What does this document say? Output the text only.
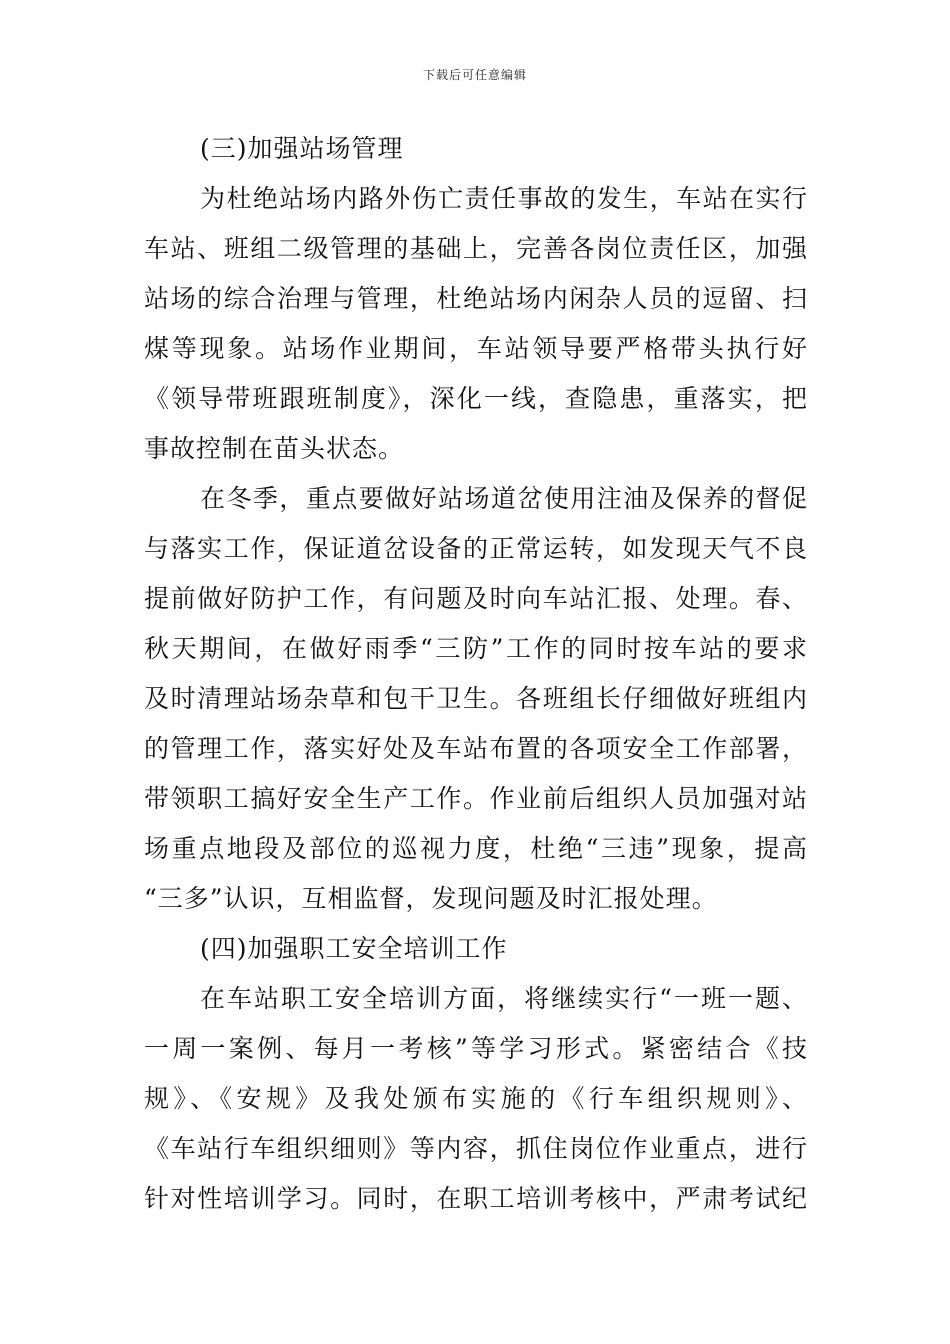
下载后可任意编辑
(三)加强站场管理
为杜绝站场内路外伤亡责任事故的发生，车站在实行
车站、班组二级管理的基础上，完善各岗位责任区，加强
站场的综合治理与管理，杜绝站场内闲杂人员的逗留、扫
煤等现象。站场作业期间，车站领导要严格带头执行好
《领导带班跟班制度》，深化一线，查隐患，重落实，把
事故控制在苗头状态。
在冬季，重点要做好站场道岔使用注油及保养的督促
与落实工作，保证道岔设备的正常运转，如发现天气不良
提前做好防护工作，有问题及时向车站汇报、处理。春、
秋天期间，在做好雨季“三防”工作的同时按车站的要求
及时清理站场杂草和包干卫生。各班组长仔细做好班组内
的管理工作，落实好处及车站布置的各项安全工作部署，
带领职工搞好安全生产工作。作业前后组织人员加强对站
场重点地段及部位的巡视力度，杜绝“三违”现象，提高
“三多”认识，互相监督，发现问题及时汇报处理。
(四)加强职工安全培训工作
在车站职工安全培训方面，将继续实行“一班一题、
一周一案例、每月一考核”等学习形式。紧密结合《技
规》、《安规》及我处颁布实施的《行车组织规则》、
《车站行车组织细则》等内容，抓住岗位作业重点，进行
针对性培训学习。同时，在职工培训考核中，严肃考试纪
